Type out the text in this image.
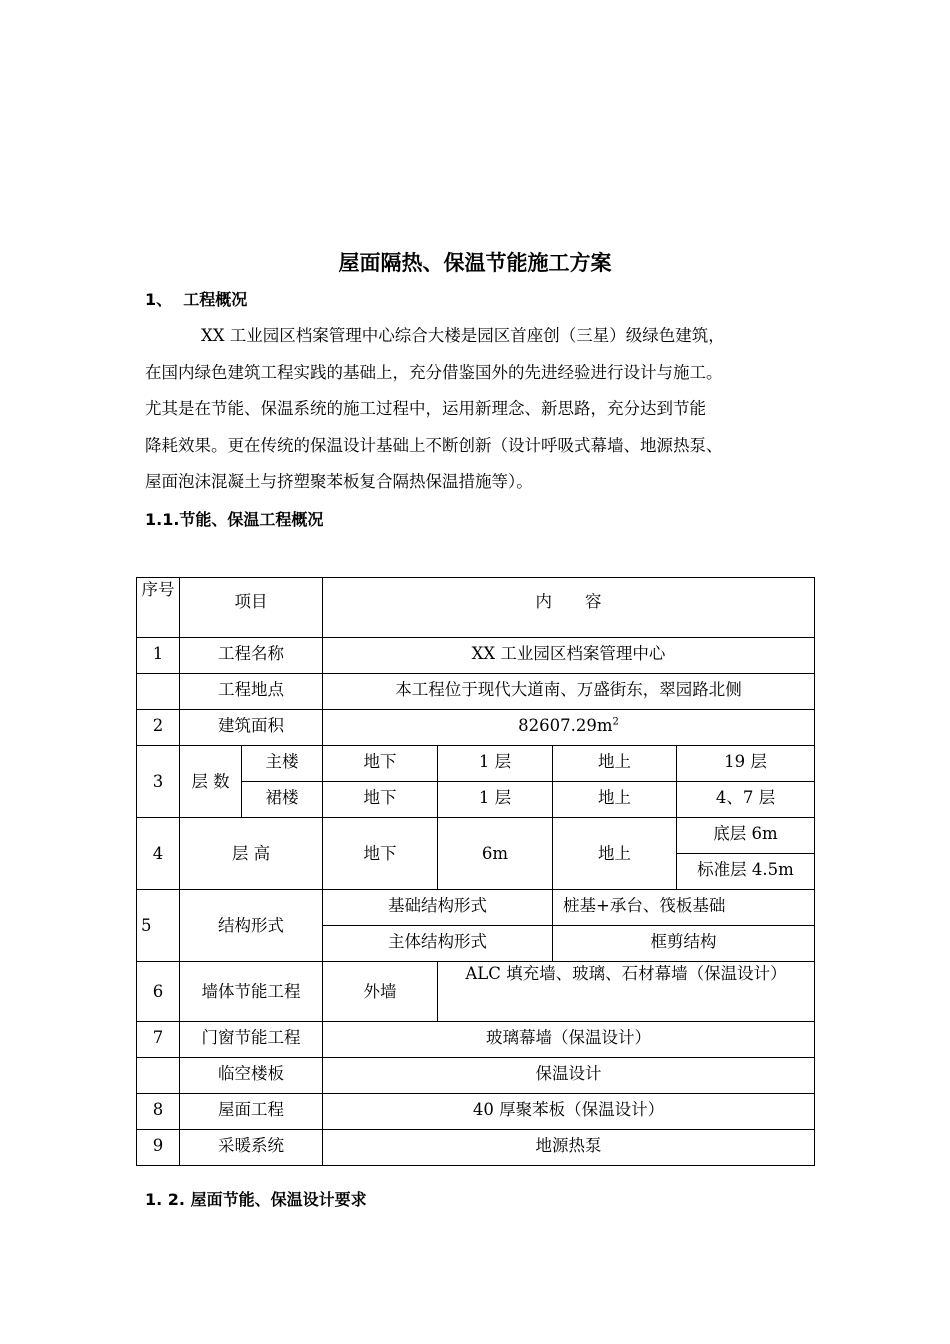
屋面隔热、保温节能施工方案
1、 工程概况
XX 工业园区档案管理中心综合大楼是园区首座创（三星）级绿色建筑，
在国内绿色建筑工程实践的基础上，充分借鉴国外的先进经验进行设计与施工。
尤其是在节能、保温系统的施工过程中，运用新理念、新思路，充分达到节能
降耗效果。更在传统的保温设计基础上不断创新（设计呼吸式幕墙、地源热泵、
屋面泡沫混凝土与挤塑聚苯板复合隔热保温措施等）。
1.1.节能、保温工程概况
序号	项目		内　　容			
1	工程名称		XX 工业园区档案管理中心			
	工程地点		本工程位于现代大道南、万盛街东，翠园路北侧			
2	建筑面积		$82607.29m^2$
3	层 数	主楼	地下	1 层	地上	19 层
		裙楼	地下	1 层	地上	4、7 层
4	层 高		地下	6m	地上	底层 6m
						标准层 4.5m
5	结构形式		基础结构形式		桩基+承台、筏板基础	
			主体结构形式		框剪结构	
6	墙体节能工程		外墙	ALC 填充墙、玻璃、石材幕墙（保温设计）		
7	门窗节能工程		玻璃幕墙（保温设计）			
	临空楼板		保温设计			
8	屋面工程		40 厚聚苯板（保温设计）			
9	采暖系统		地源热泵			
1. 2. 屋面节能、保温设计要求
